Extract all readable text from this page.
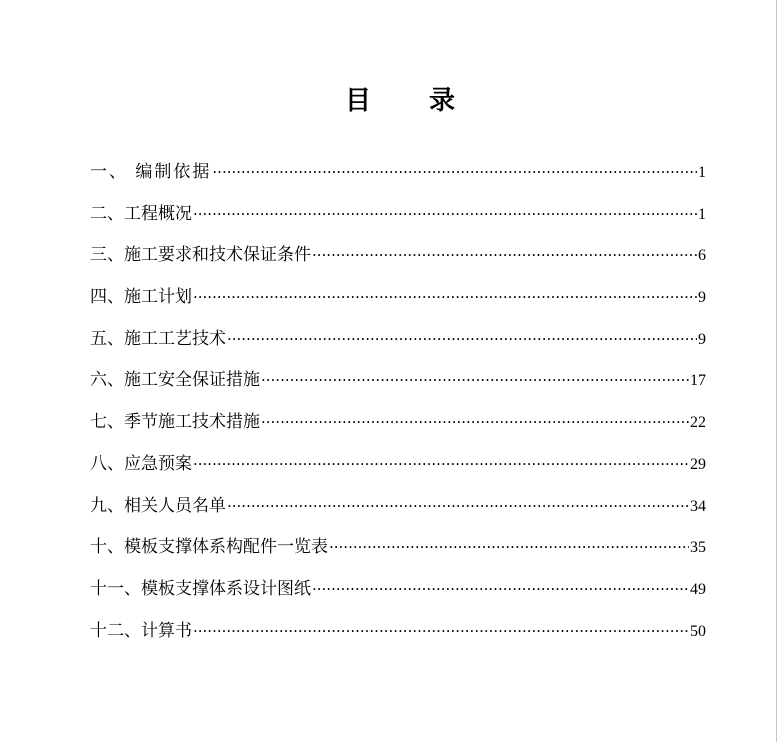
目 录
一、 编制依据 ·····	1
二、工程概况 ·····	1
三、施工要求和技术保证条件 ·····	6
四、施工计划 ·····	9
五、施工工艺技术 ·····	9
六、施工安全保证措施 ·····	17
七、季节施工技术措施 ·····	22
八、应急预案 ·····	29
九、相关人员名单 ·····	34
十、模板支撑体系构配件一览表 ·····	35
十一、模板支撑体系设计图纸 ·····	49
十二、计算书 ·····	50
